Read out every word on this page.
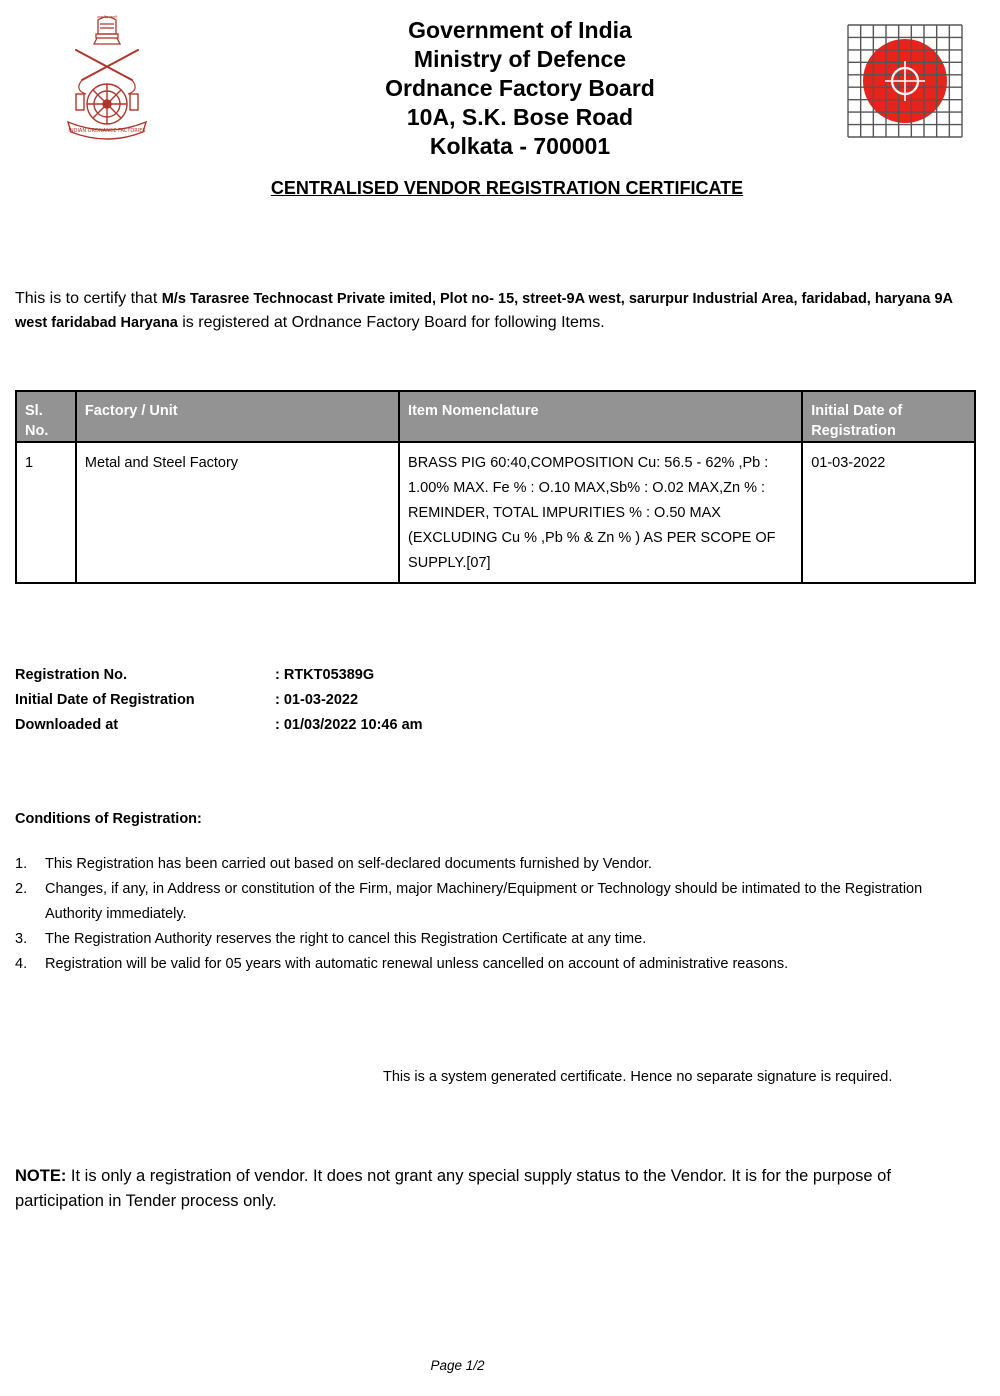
INDIAN ORDNANCE FACTORIES
सत्यमेव जयते	Government of India
Ministry of Defence
Ordnance Factory Board
10A, S.K. Bose Road
Kolkata - 700001
CENTRALISED VENDOR REGISTRATION CERTIFICATE
This is to certify that M/s Tarasree Technocast Private imited, Plot no- 15, street-9A west, sarurpur Industrial Area, faridabad, haryana 9A west faridabad Haryana is registered at Ordnance Factory Board for following Items.
Sl. No.	Factory / Unit	Item Nomenclature	Initial Date of Registration
1	Metal and Steel Factory	BRASS PIG 60:40,COMPOSITION Cu: 56.5 - 62% ,Pb : 1.00% MAX. Fe % : O.10 MAX,Sb% : O.02 MAX,Zn % : REMINDER, TOTAL IMPURITIES % : O.50 MAX (EXCLUDING Cu % ,Pb % & Zn % ) AS PER SCOPE OF SUPPLY.[07]	01-03-2022
Registration No.	: RTKT05389G
Initial Date of Registration	: 01-03-2022
Downloaded at	: 01/03/2022 10:46 am
Conditions of Registration:
1. This Registration has been carried out based on self-declared documents furnished by Vendor.
2. Changes, if any, in Address or constitution of the Firm, major Machinery/Equipment or Technology should be intimated to the Registration Authority immediately.
3. The Registration Authority reserves the right to cancel this Registration Certificate at any time.
4. Registration will be valid for 05 years with automatic renewal unless cancelled on account of administrative reasons.
This is a system generated certificate. Hence no separate signature is required.
NOTE: It is only a registration of vendor. It does not grant any special supply status to the Vendor. It is for the purpose of participation in Tender process only.
Page 1/2
